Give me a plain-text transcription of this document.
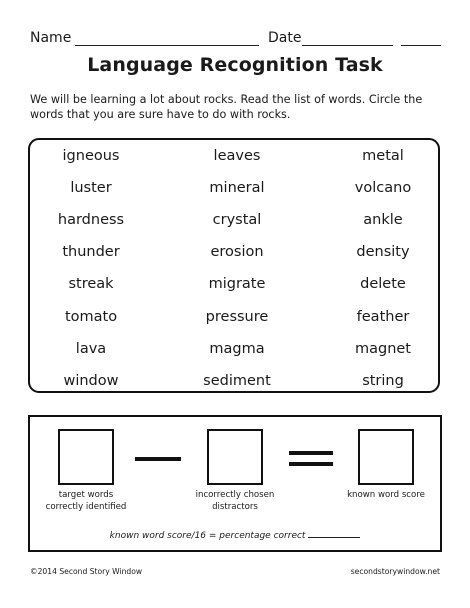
Name	Date
Language Recognition Task
We will be learning a lot about rocks. Read the list of words. Circle the words that you are sure have to do with rocks.
igneous
luster
hardness
thunder
streak
tomato
lava
window
leaves
mineral
crystal
erosion
migrate
pressure
magma
sediment
metal
volcano
ankle
density
delete
feather
magnet
string
target words
correctly identified
incorrectly chosen
distractors
known word score
known word score/16 = percentage correct
©2014 Second Story Window	secondstorywindow.net
